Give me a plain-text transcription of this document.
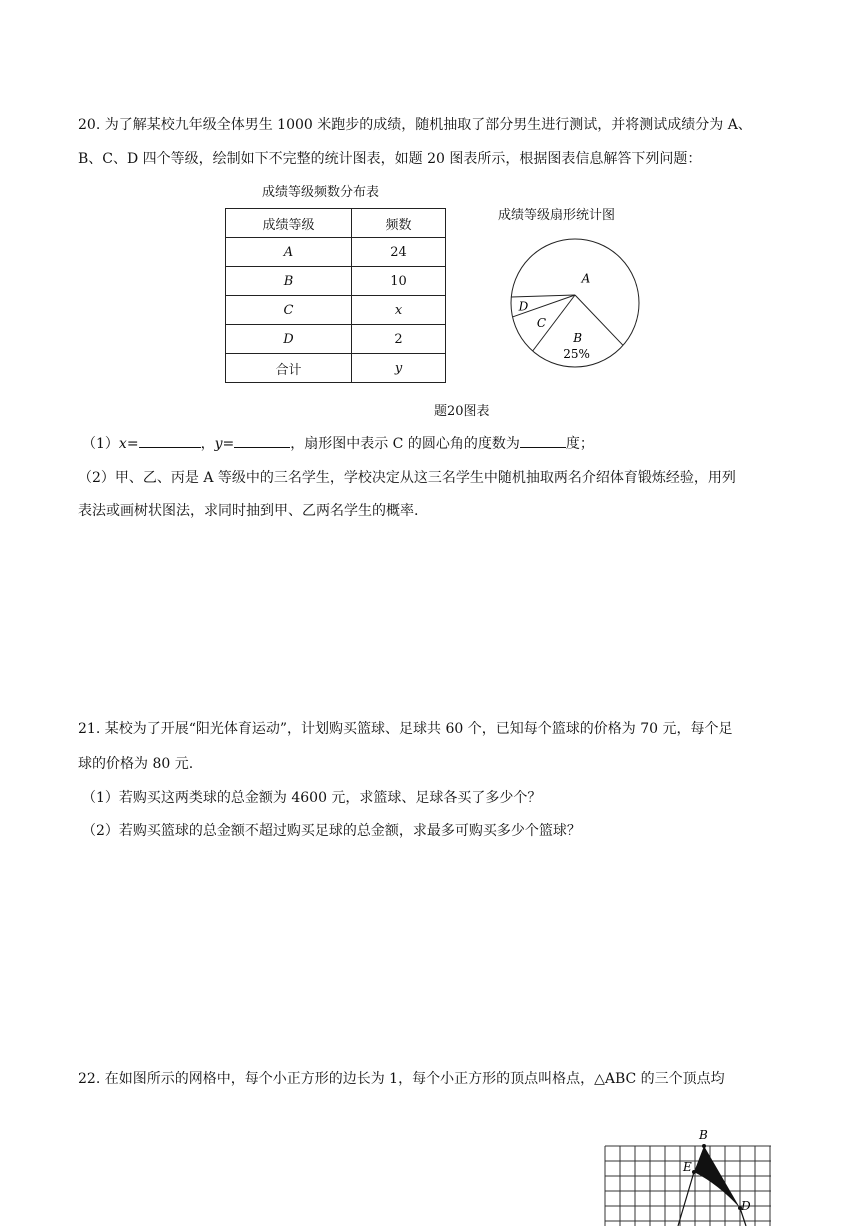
20. 为了解某校九年级全体男生 1000 米跑步的成绩，随机抽取了部分男生进行测试，并将测试成绩分为 A、
B、C、D 四个等级，绘制如下不完整的统计图表，如题 20 图表所示，根据图表信息解答下列问题：
成绩等级频数分布表
成绩等级	频数
A	24
B	10
C	x
D	2
合计	y
成绩等级扇形统计图
A
B
25%
C
D
题20图表
（1）x=	，y=	，扇形图中表示 C 的圆心角的度数为	度；
（2）甲、乙、丙是 A 等级中的三名学生，学校决定从这三名学生中随机抽取两名介绍体育锻炼经验，用列
表法或画树状图法，求同时抽到甲、乙两名学生的概率.
21. 某校为了开展“阳光体育运动”，计划购买篮球、足球共 60 个，已知每个篮球的价格为 70 元，每个足
球的价格为 80 元.
（1）若购买这两类球的总金额为 4600 元，求篮球、足球各买了多少个？
（2）若购买篮球的总金额不超过购买足球的总金额，求最多可购买多少个篮球？
22. 在如图所示的网格中，每个小正方形的边长为 1，每个小正方形的顶点叫格点，△ABC 的三个顶点均
B
E
D
